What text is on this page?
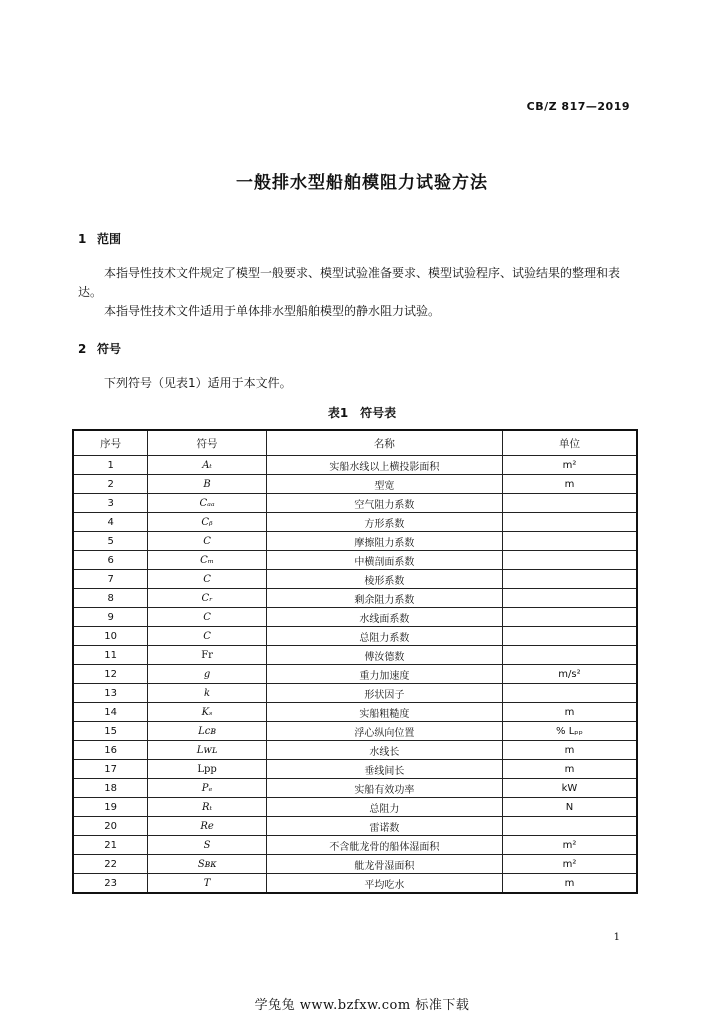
CB/Z 817—2019
一般排水型船舶模阻力试验方法
1 范围

本指导性技术文件规定了模型一般要求、模型试验准备要求、模型试验程序、试验结果的整理和表达。

本指导性技术文件适用于单体排水型船舶模型的静水阻力试验。

2 符号

下列符号（见表1）适用于本文件。

表1 符号表
序号	符号	名称	单位
1	Aₜ	实船水线以上横投影面积	m²
2	B	型宽	m
3	Cₐₐ	空气阻力系数	
4	Cᵦ	方形系数	
5	C	摩擦阻力系数	
6	Cₘ	中横剖面系数	
7	C	棱形系数	
8	Cᵣ	剩余阻力系数	
9	C	水线面系数	
10	C	总阻力系数	
11	Fr	傅汝德数	
12	g	重力加速度	m/s²
13	k	形状因子	
14	Kₛ	实船粗糙度	m
15	Lcʙ	浮心纵向位置	% Lₚₚ
16	Lᴡʟ	水线长	m
17	Lpp	垂线间长	m
18	Pₑ	实船有效功率	kW
19	Rₜ	总阻力	N
20	Re	雷诺数	
21	S	不含舭龙骨的船体湿面积	m²
22	Sʙᴋ	舭龙骨湿面积	m²
23	T	平均吃水	m
1
学兔兔 www.bzfxw.com 标准下载
